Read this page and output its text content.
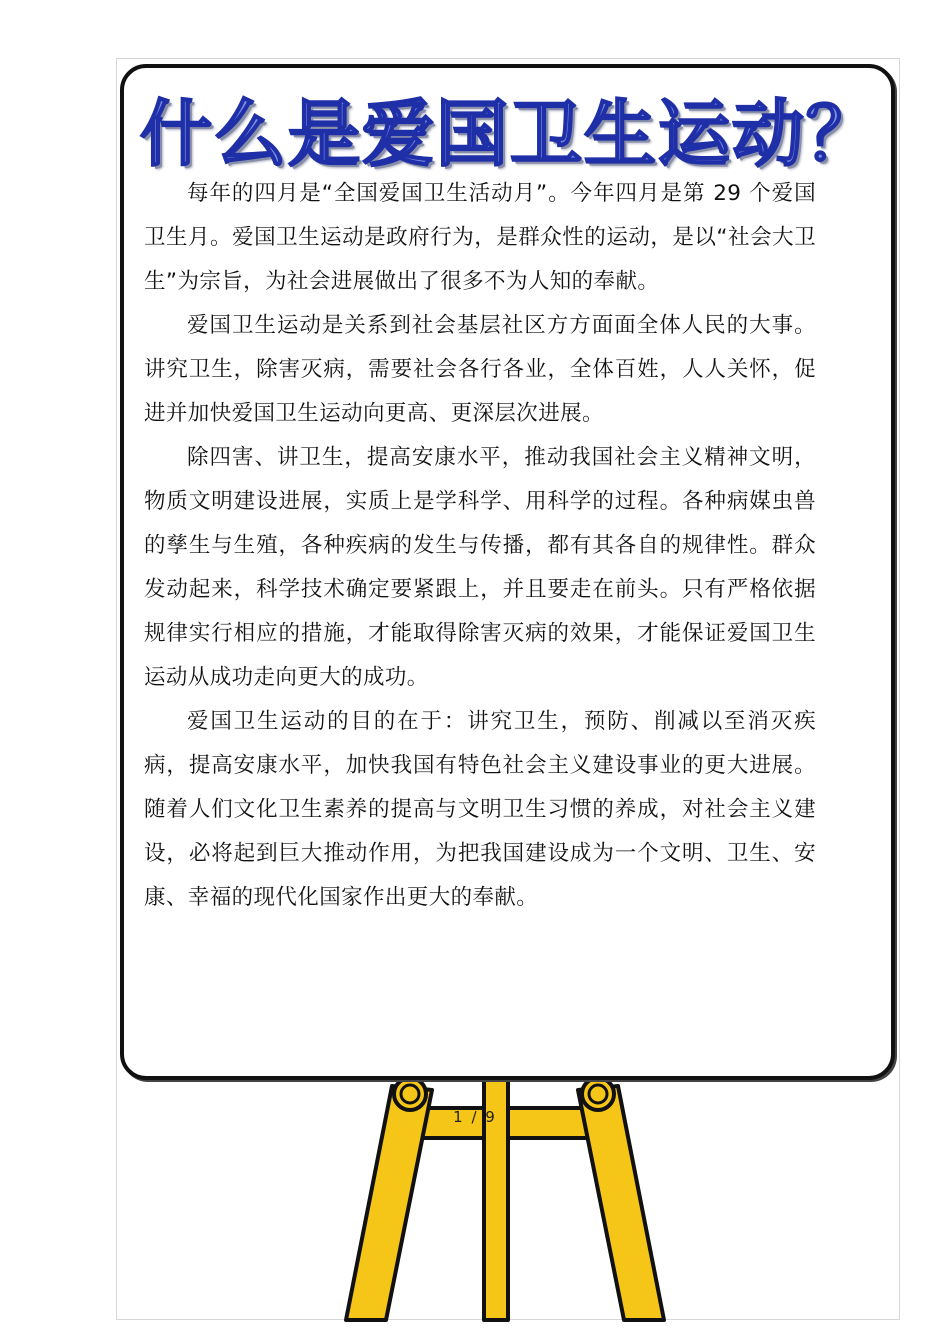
什么是爱国卫生运动？

每年的四月是“全国爱国卫生活动月”。今年四月是第 29 个爱国卫生月。爱国卫生运动是政府行为，是群众性的运动，是以“社会大卫生”为宗旨，为社会进展做出了很多不为人知的奉献。

爱国卫生运动是关系到社会基层社区方方面面全体人民的大事。讲究卫生，除害灭病，需要社会各行各业，全体百姓，人人关怀，促进并加快爱国卫生运动向更高、更深层次进展。

除四害、讲卫生，提高安康水平，推动我国社会主义精神文明，物质文明建设进展，实质上是学科学、用科学的过程。各种病媒虫兽的孳生与生殖，各种疾病的发生与传播，都有其各自的规律性。群众发动起来，科学技术确定要紧跟上，并且要走在前头。只有严格依据规律实行相应的措施，才能取得除害灭病的效果，才能保证爱国卫生运动从成功走向更大的成功。

爱国卫生运动的目的在于：讲究卫生，预防、削减以至消灭疾病，提高安康水平，加快我国有特色社会主义建设事业的更大进展。随着人们文化卫生素养的提高与文明卫生习惯的养成，对社会主义建设，必将起到巨大推动作用，为把我国建设成为一个文明、卫生、安康、幸福的现代化国家作出更大的奉献。

1 / 9
